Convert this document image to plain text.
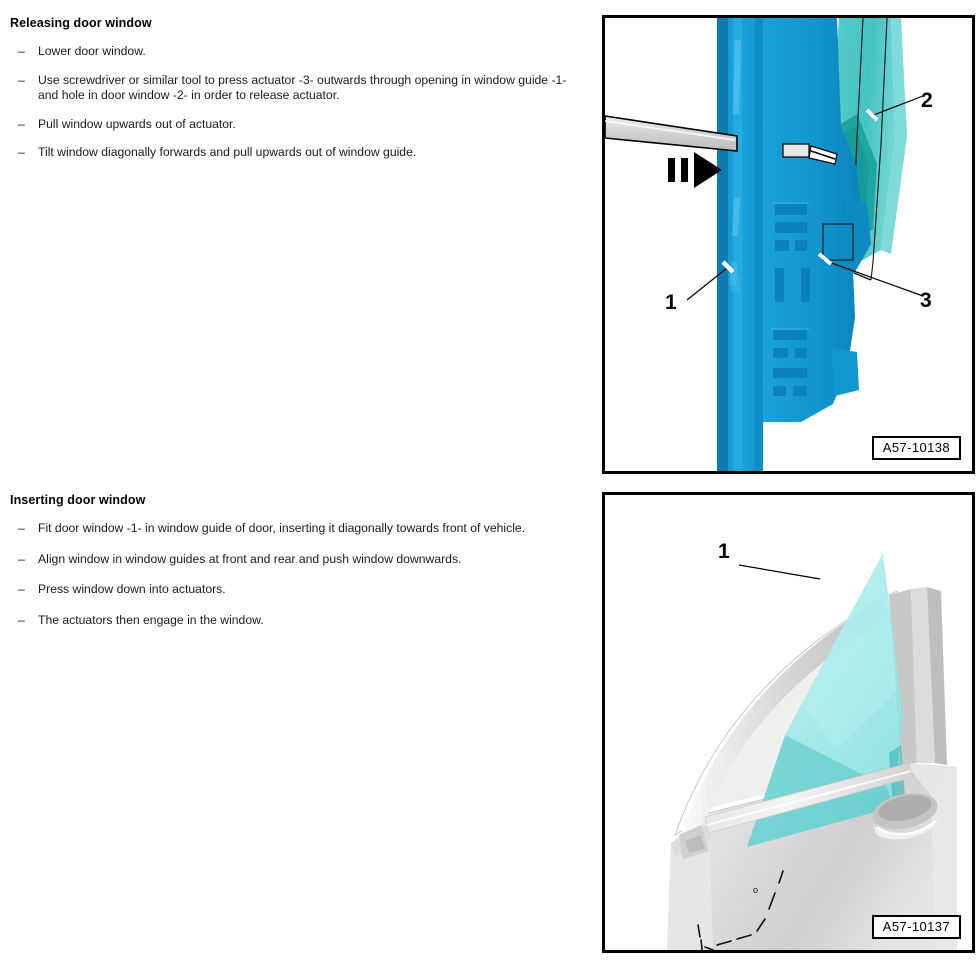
Releasing door window
– Lower door window.
– Use screwdriver or similar tool to press actuator -3- outwards through opening in window guide -1- and hole in door window -2- in order to release actuator.
– Pull window upwards out of actuator.
– Tilt window diagonally forwards and pull upwards out of window guide.
Inserting door window
– Fit door window -1- in window guide of door, inserting it diagonally towards front of vehicle.
– Align window in window guides at front and rear and push window downwards.
– Press window down into actuators.
– The actuators then engage in the window.
1
2
3
A57-10138
o
1
A57-10137
